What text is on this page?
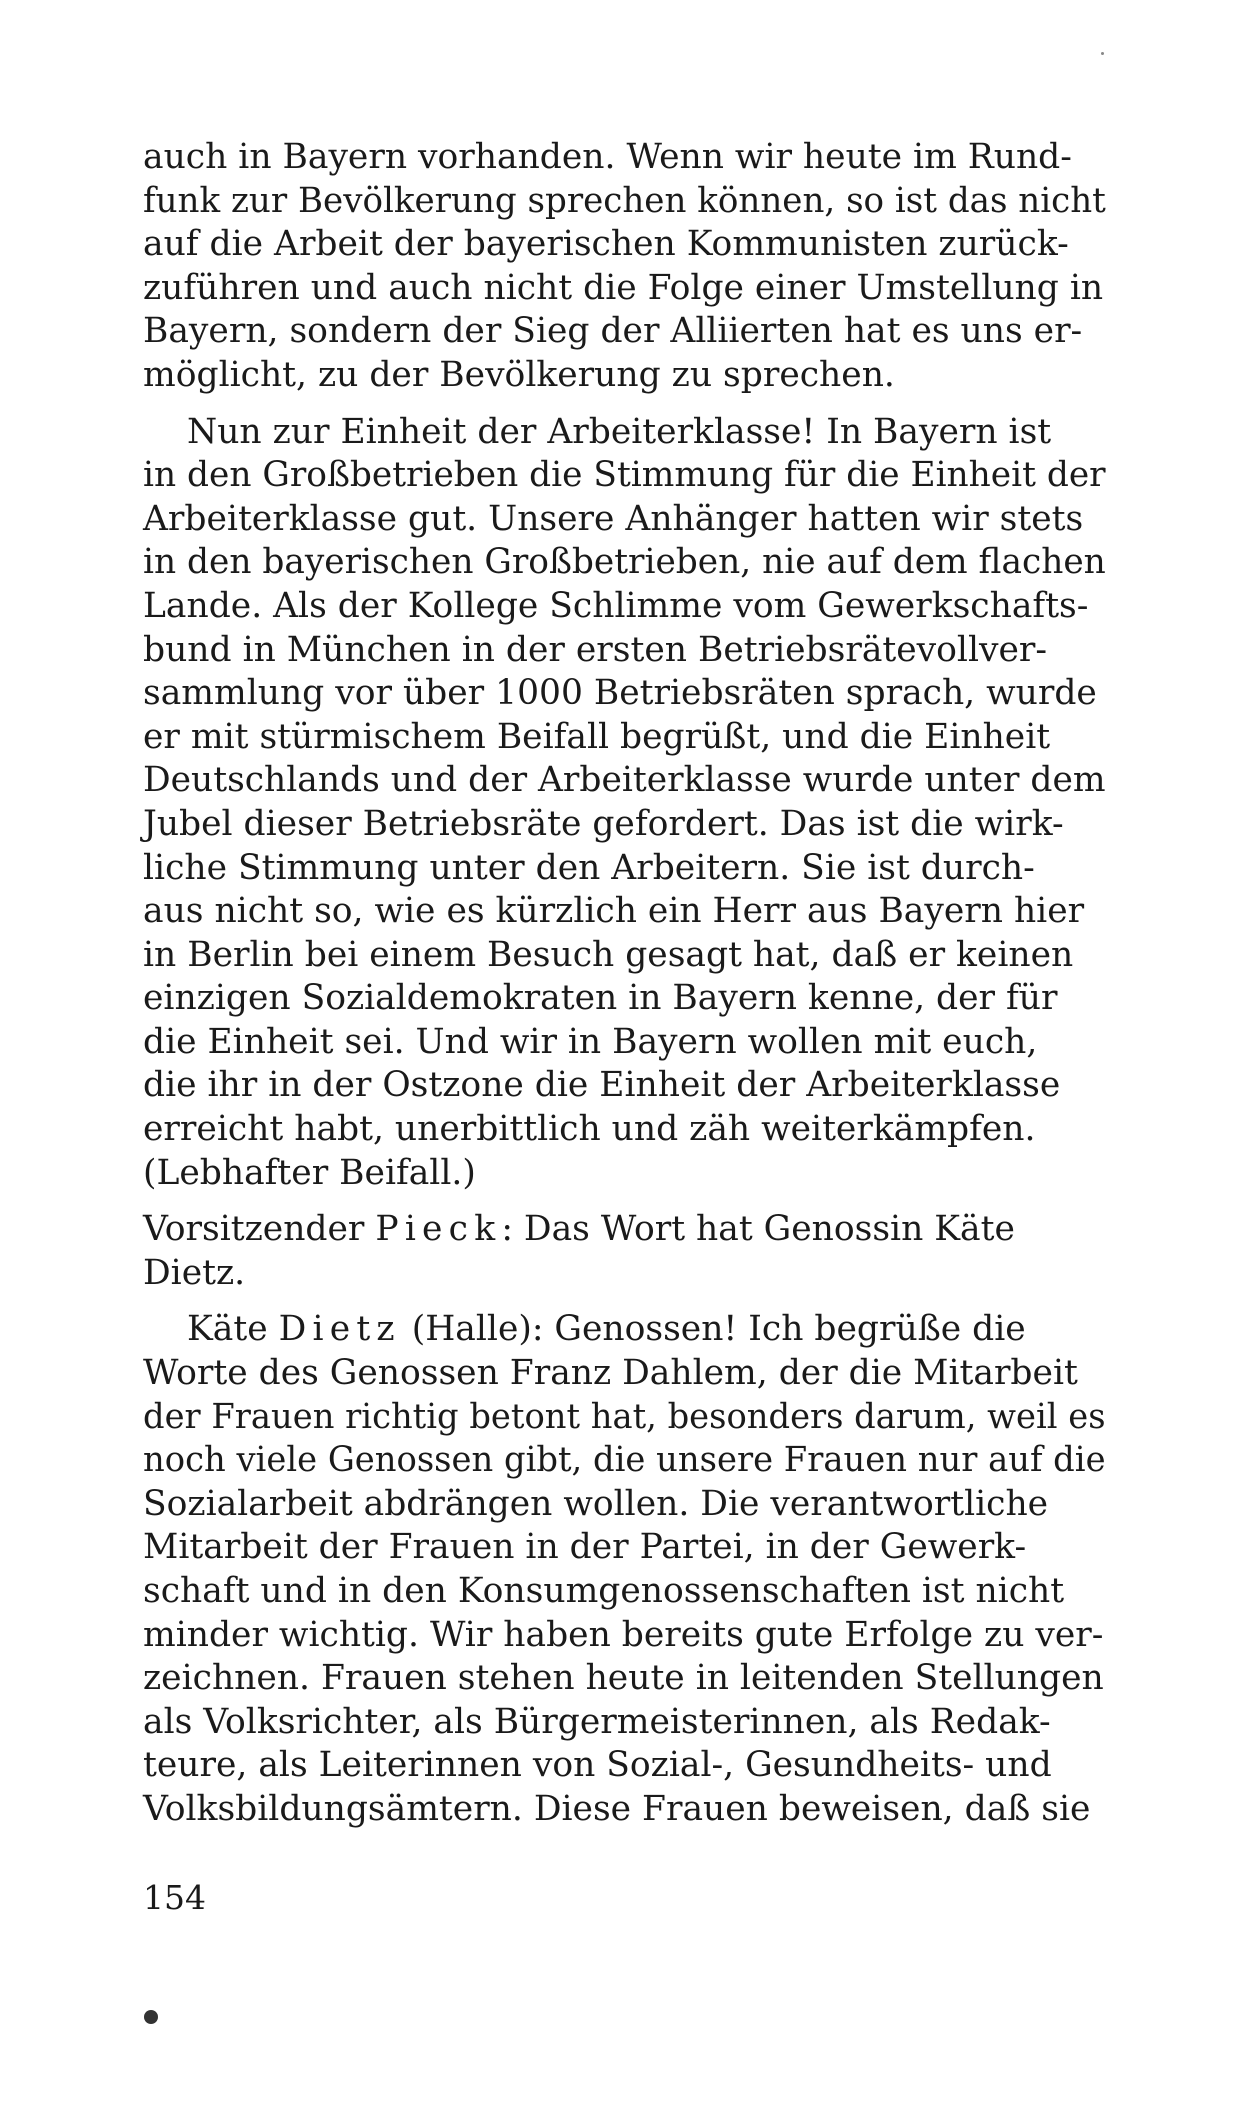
auch in Bayern vorhanden. Wenn wir heute im Rund-
funk zur Bevölkerung sprechen können, so ist das nicht
auf die Arbeit der bayerischen Kommunisten zurück-
zuführen und auch nicht die Folge einer Umstellung in
Bayern, sondern der Sieg der Alliierten hat es uns er-
möglicht, zu der Bevölkerung zu sprechen.

Nun zur Einheit der Arbeiterklasse! In Bayern ist
in den Großbetrieben die Stimmung für die Einheit der
Arbeiterklasse gut. Unsere Anhänger hatten wir stets
in den bayerischen Großbetrieben, nie auf dem flachen
Lande. Als der Kollege Schlimme vom Gewerkschafts-
bund in München in der ersten Betriebsrätevollver-
sammlung vor über 1000 Betriebsräten sprach, wurde
er mit stürmischem Beifall begrüßt, und die Einheit
Deutschlands und der Arbeiterklasse wurde unter dem
Jubel dieser Betriebsräte gefordert. Das ist die wirk-
liche Stimmung unter den Arbeitern. Sie ist durch-
aus nicht so, wie es kürzlich ein Herr aus Bayern hier
in Berlin bei einem Besuch gesagt hat, daß er keinen
einzigen Sozialdemokraten in Bayern kenne, der für
die Einheit sei. Und wir in Bayern wollen mit euch,
die ihr in der Ostzone die Einheit der Arbeiterklasse
erreicht habt, unerbittlich und zäh weiterkämpfen.
(Lebhafter Beifall.)

Vorsitzender Pieck: Das Wort hat Genossin Käte
Dietz.

Käte Dietz (Halle): Genossen! Ich begrüße die
Worte des Genossen Franz Dahlem, der die Mitarbeit
der Frauen richtig betont hat, besonders darum, weil es
noch viele Genossen gibt, die unsere Frauen nur auf die
Sozialarbeit abdrängen wollen. Die verantwortliche
Mitarbeit der Frauen in der Partei, in der Gewerk-
schaft und in den Konsumgenossenschaften ist nicht
minder wichtig. Wir haben bereits gute Erfolge zu ver-
zeichnen. Frauen stehen heute in leitenden Stellungen
als Volksrichter, als Bürgermeisterinnen, als Redak-
teure, als Leiterinnen von Sozial-, Gesundheits- und
Volksbildungsämtern. Diese Frauen beweisen, daß sie

154
